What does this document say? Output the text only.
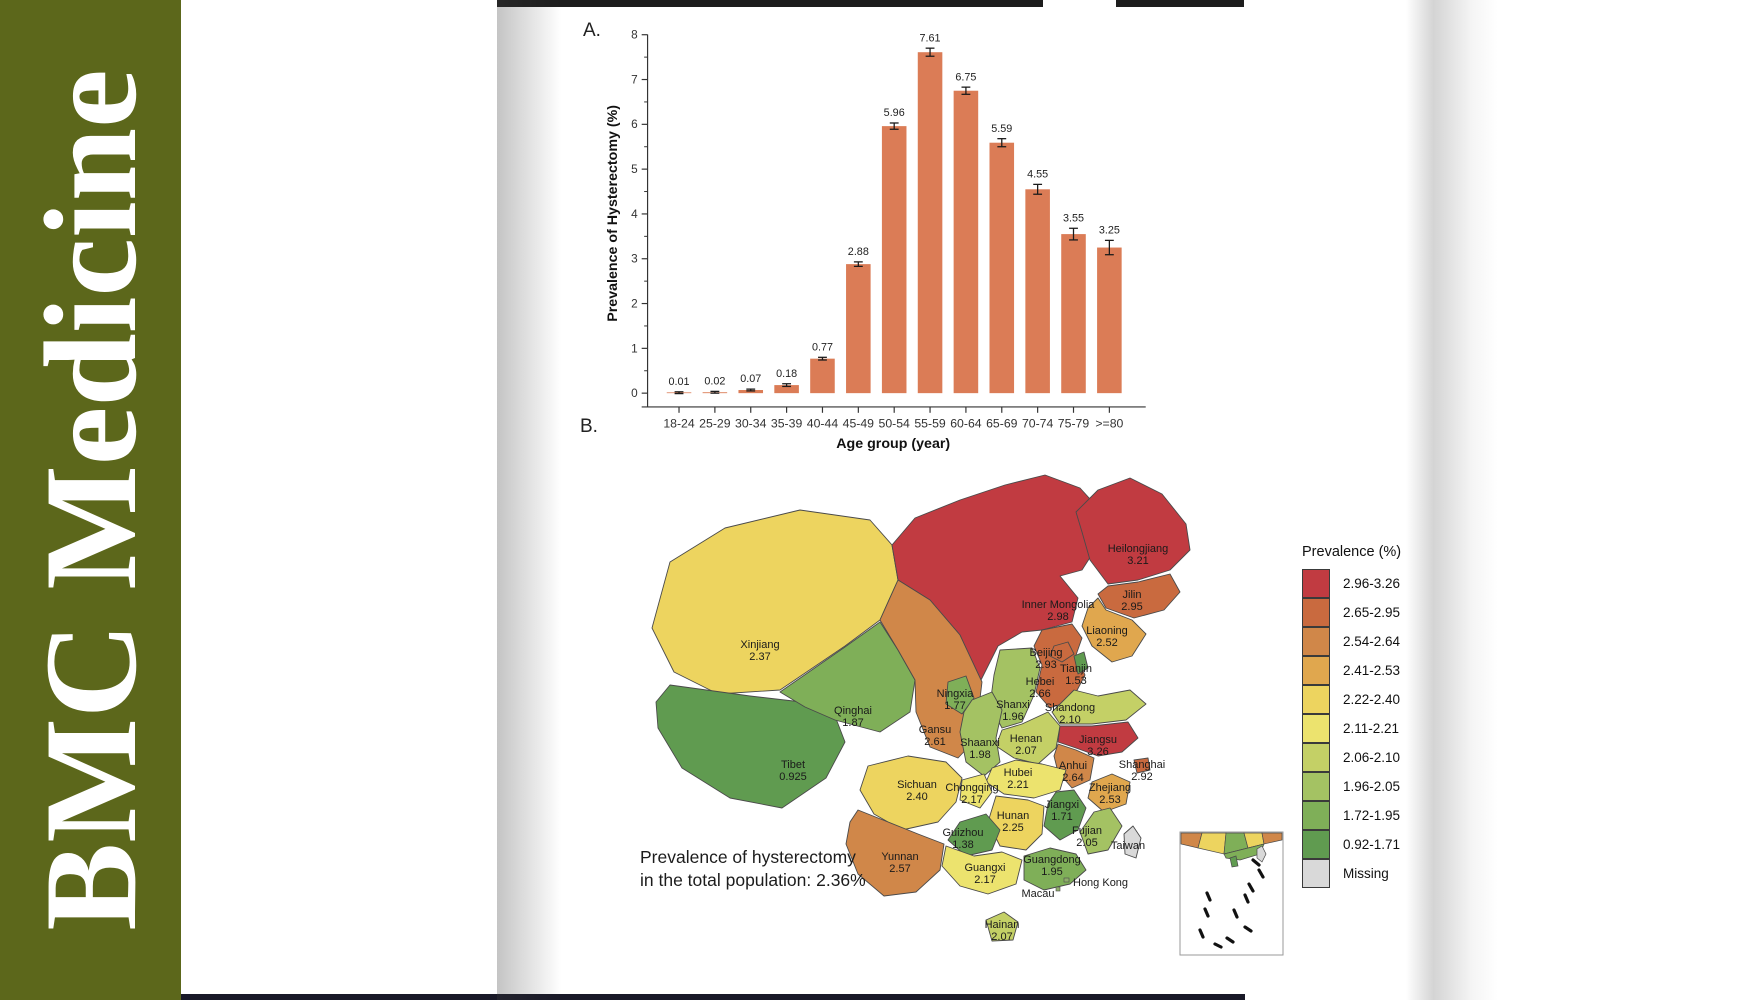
BMC Medicine
A.
B.
0
1
2
3
4
5
6
7
8
0.01
18-24
0.02
25-29
0.07
30-34
0.18
35-39
0.77
40-44
2.88
45-49
5.96
50-54
7.61
55-59
6.75
60-64
5.59
65-69
4.55
70-74
3.55
75-79
3.25
>=80
Age group (year)
Prevalence of Hysterectomy (%)
Xinjiang
2.37
Inner Mongolia
2.98
Tibet
0.925
Qinghai
1.87
Gansu
2.61
Ningxia
1.77
Heilongjiang
3.21
Jilin
2.95
Liaoning
2.52
Hebei
2.66
Beijing
2.93 Tianjin
1.53
Shanxi
1.96
Shandong
2.10
Henan
2.07
Jiangsu
3.26
Shaanxi
1.98
Anhui
2.64
Hubei
2.21
Shanghai
2.92
Zhejiang
2.53
Sichuan
2.40
Chongqing
2.17
Hunan
2.25
Jiangxi
1.71
Guizhou
1.38
Fujian
2.05
Yunnan
2.57	Guangxi
2.17
Guangdong
1.95
Hainan
2.07
Taiwan
Hong Kong
Macau
Prevalence (%)
2.96-3.26
2.65-2.95
2.54-2.64
2.41-2.53
2.22-2.40
2.11-2.21
2.06-2.10
1.96-2.05
1.72-1.95
0.92-1.71
Missing
Prevalence of hysterectomy
in the total population: 2.36%
